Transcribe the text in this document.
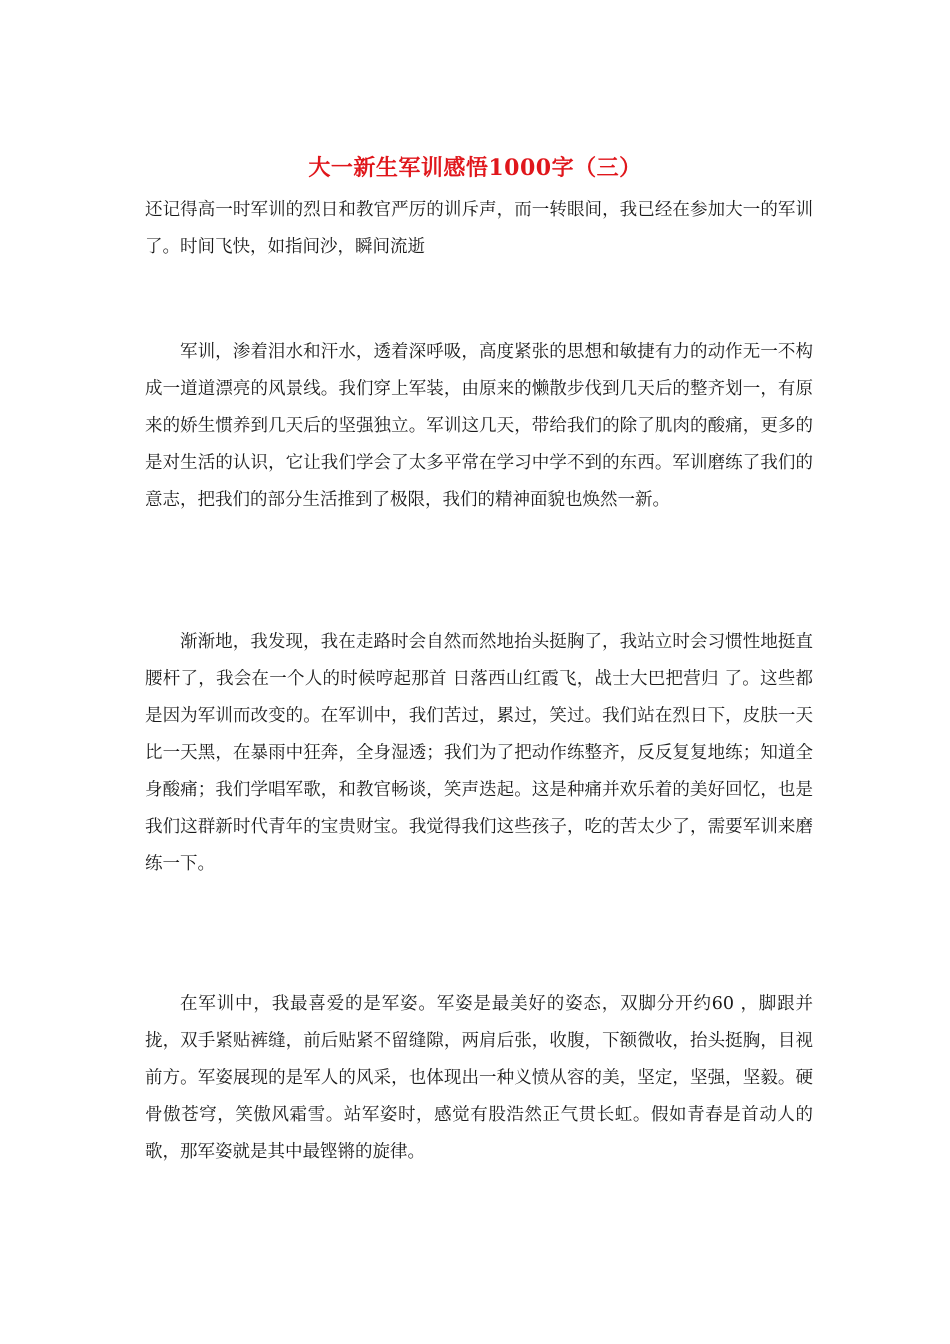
大一新生军训感悟1000字（三）

还记得高一时军训的烈日和教官严厉的训斥声，而一转眼间，我已经在参加大一的军训了。时间飞快，如指间沙，瞬间流逝

军训，渗着泪水和汗水，透着深呼吸，高度紧张的思想和敏捷有力的动作无一不构成一道道漂亮的风景线。我们穿上军装，由原来的懒散步伐到几天后的整齐划一，有原来的娇生惯养到几天后的坚强独立。军训这几天，带给我们的除了肌肉的酸痛，更多的是对生活的认识，它让我们学会了太多平常在学习中学不到的东西。军训磨练了我们的意志，把我们的部分生活推到了极限，我们的精神面貌也焕然一新。

渐渐地，我发现，我在走路时会自然而然地抬头挺胸了，我站立时会习惯性地挺直腰杆了，我会在一个人的时候哼起那首 日落西山红霞飞，战士大巴把营归 了。这些都是因为军训而改变的。在军训中，我们苦过，累过，笑过。我们站在烈日下，皮肤一天比一天黑，在暴雨中狂奔，全身湿透；我们为了把动作练整齐，反反复复地练；知道全身酸痛；我们学唱军歌，和教官畅谈，笑声迭起。这是种痛并欢乐着的美好回忆，也是我们这群新时代青年的宝贵财宝。我觉得我们这些孩子，吃的苦太少了，需要军训来磨练一下。

在军训中，我最喜爱的是军姿。军姿是最美好的姿态，双脚分开约60 ，脚跟并拢，双手紧贴裤缝，前后贴紧不留缝隙，两肩后张，收腹，下额微收，抬头挺胸，目视前方。军姿展现的是军人的风采，也体现出一种义愤从容的美，坚定，坚强，坚毅。硬骨傲苍穹，笑傲风霜雪。站军姿时，感觉有股浩然正气贯长虹。假如青春是首动人的歌，那军姿就是其中最铿锵的旋律。
